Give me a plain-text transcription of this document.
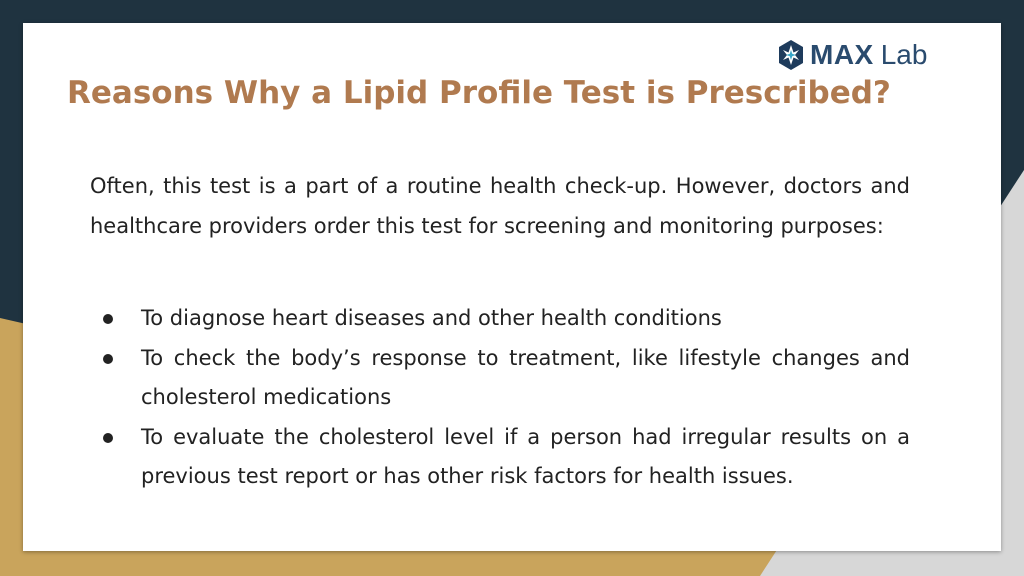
MAX Lab
Reasons Why a Lipid Profile Test is Prescribed?

Often, this test is a part of a routine health check-up. However, doctors and healthcare providers order this test for screening and monitoring purposes:

To diagnose heart diseases and other health conditions
To check the body’s response to treatment, like lifestyle changes and cholesterol medications
To evaluate the cholesterol level if a person had irregular results on a previous test report or has other risk factors for health issues.
